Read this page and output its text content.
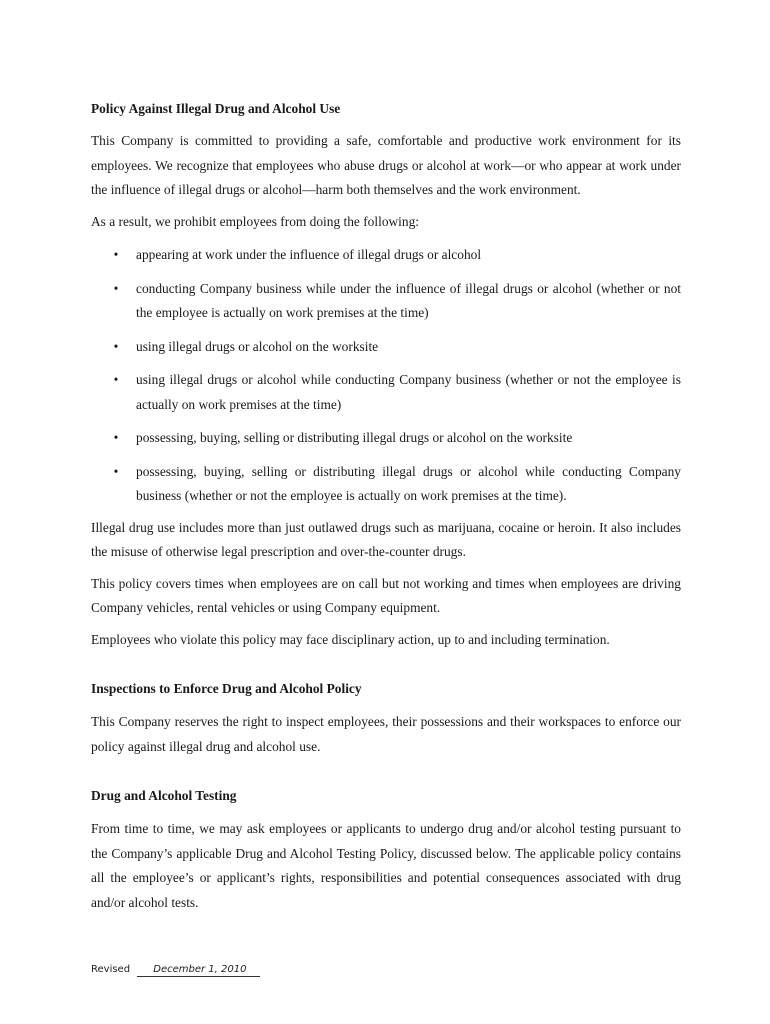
Policy Against Illegal Drug and Alcohol Use

This Company is committed to providing a safe, comfortable and productive work environment for its employees. We recognize that employees who abuse drugs or alcohol at work—or who appear at work under the influence of illegal drugs or alcohol—harm both themselves and the work environment.

As a result, we prohibit employees from doing the following:

• appearing at work under the influence of illegal drugs or alcohol
• conducting Company business while under the influence of illegal drugs or alcohol (whether or not the employee is actually on work premises at the time)
• using illegal drugs or alcohol on the worksite
• using illegal drugs or alcohol while conducting Company business (whether or not the employee is actually on work premises at the time)
• possessing, buying, selling or distributing illegal drugs or alcohol on the worksite
• possessing, buying, selling or distributing illegal drugs or alcohol while conducting Company business (whether or not the employee is actually on work premises at the time).

Illegal drug use includes more than just outlawed drugs such as marijuana, cocaine or heroin. It also includes the misuse of otherwise legal prescription and over-the-counter drugs.

This policy covers times when employees are on call but not working and times when employees are driving Company vehicles, rental vehicles or using Company equipment.

Employees who violate this policy may face disciplinary action, up to and including termination.

Inspections to Enforce Drug and Alcohol Policy

This Company reserves the right to inspect employees, their possessions and their workspaces to enforce our policy against illegal drug and alcohol use.

Drug and Alcohol Testing

From time to time, we may ask employees or applicants to undergo drug and/or alcohol testing pursuant to the Company’s applicable Drug and Alcohol Testing Policy, discussed below. The applicable policy contains all the employee’s or applicant’s rights, responsibilities and potential consequences associated with drug and/or alcohol tests.

Revised December 1, 2010
